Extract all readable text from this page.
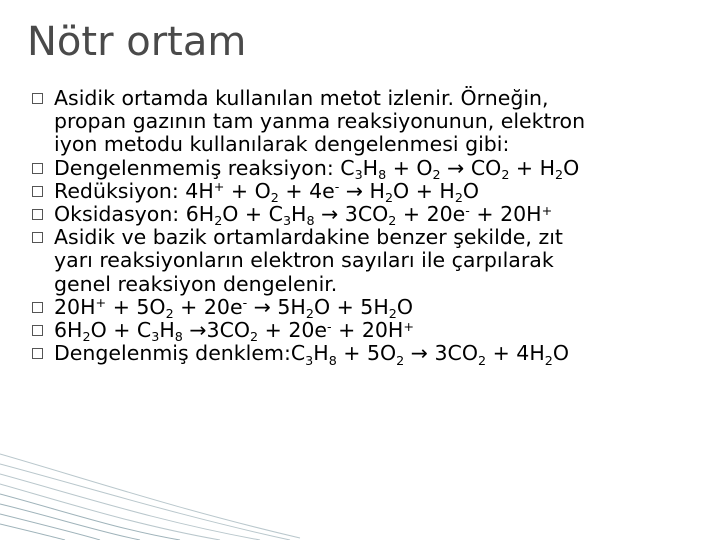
Nötr ortam
Asidik ortamda kullanılan metot izlenir. Örneğin,
propan gazının tam yanma reaksiyonunun, elektron
iyon metodu kullanılarak dengelenmesi gibi:
Dengelenmemiş reaksiyon: $C_3H_8 + O_2 \to CO_2 + H_2O$
Redüksiyon: $4H^+ + O_2 + 4e^- \to H_2O + H_2O$
Oksidasyon: $6H_2O + C_3H_8 \to 3CO_2 + 20e^- + 20H^+$
Asidik ve bazik ortamlardakine benzer şekilde, zıt
yarı reaksiyonların elektron sayıları ile çarpılarak
genel reaksiyon dengelenir.
$20H^+ + 5O_2 + 20e^- \to 5H_2O + 5H_2O$
$6H_2O + C_3H_8 \to 3CO_2 + 20e^- + 20H^+$
Dengelenmiş $denklem:C_3H_8 + 5O_2 \to 3CO_2 + 4H_2O$
